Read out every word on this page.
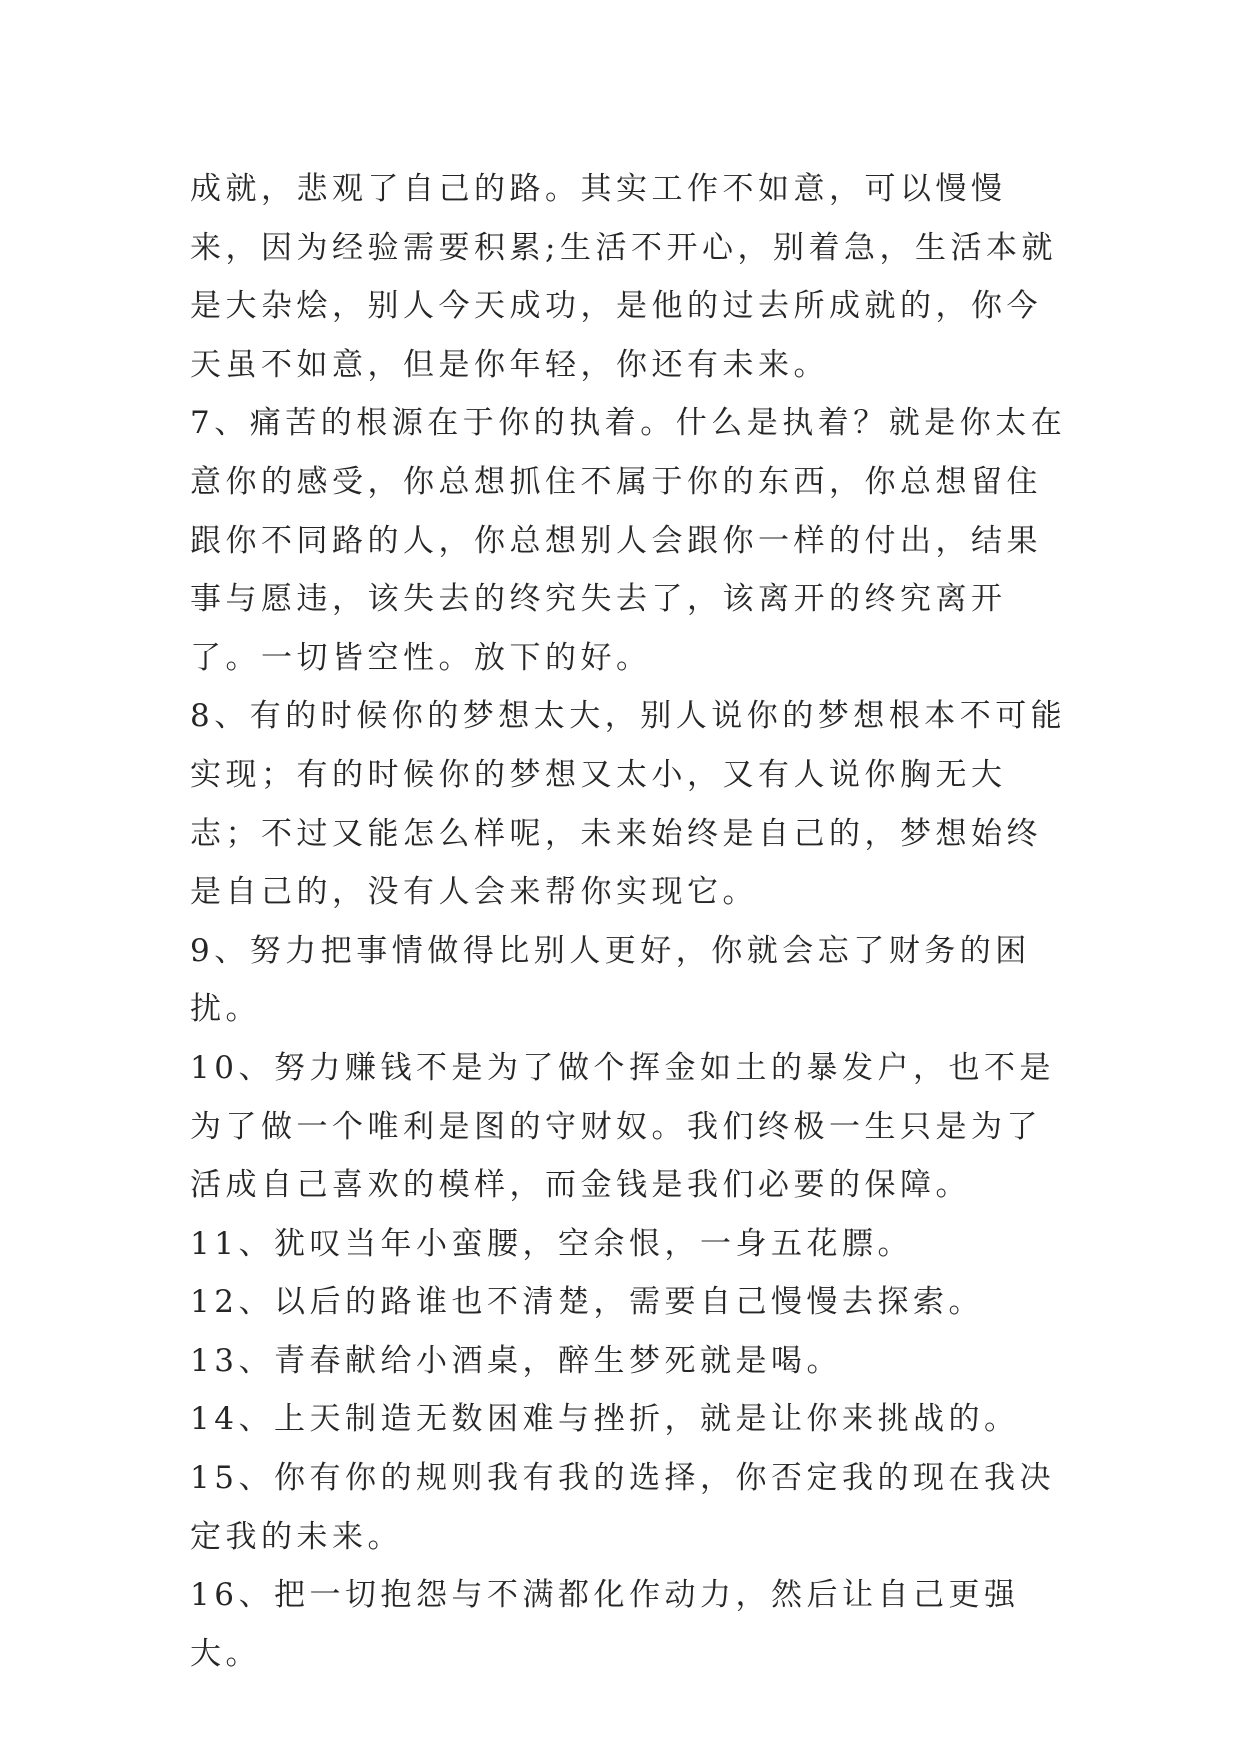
成就，悲观了自己的路。其实工作不如意，可以慢慢来，因为经验需要积累;生活不开心，别着急，生活本就是大杂烩，别人今天成功，是他的过去所成就的，你今天虽不如意，但是你年轻，你还有未来。

7、痛苦的根源在于你的执着。什么是执着？就是你太在意你的感受，你总想抓住不属于你的东西，你总想留住跟你不同路的人，你总想别人会跟你一样的付出，结果事与愿违，该失去的终究失去了，该离开的终究离开了。一切皆空性。放下的好。

8、有的时候你的梦想太大，别人说你的梦想根本不可能实现；有的时候你的梦想又太小，又有人说你胸无大志；不过又能怎么样呢，未来始终是自己的，梦想始终是自己的，没有人会来帮你实现它。

9、努力把事情做得比别人更好，你就会忘了财务的困扰。

10、努力赚钱不是为了做个挥金如土的暴发户，也不是为了做一个唯利是图的守财奴。我们终极一生只是为了活成自己喜欢的模样，而金钱是我们必要的保障。

11、犹叹当年小蛮腰，空余恨，一身五花膘。

12、以后的路谁也不清楚，需要自己慢慢去探索。

13、青春献给小酒桌，醉生梦死就是喝。

14、上天制造无数困难与挫折，就是让你来挑战的。

15、你有你的规则我有我的选择，你否定我的现在我决定我的未来。

16、把一切抱怨与不满都化作动力，然后让自己更强大。
